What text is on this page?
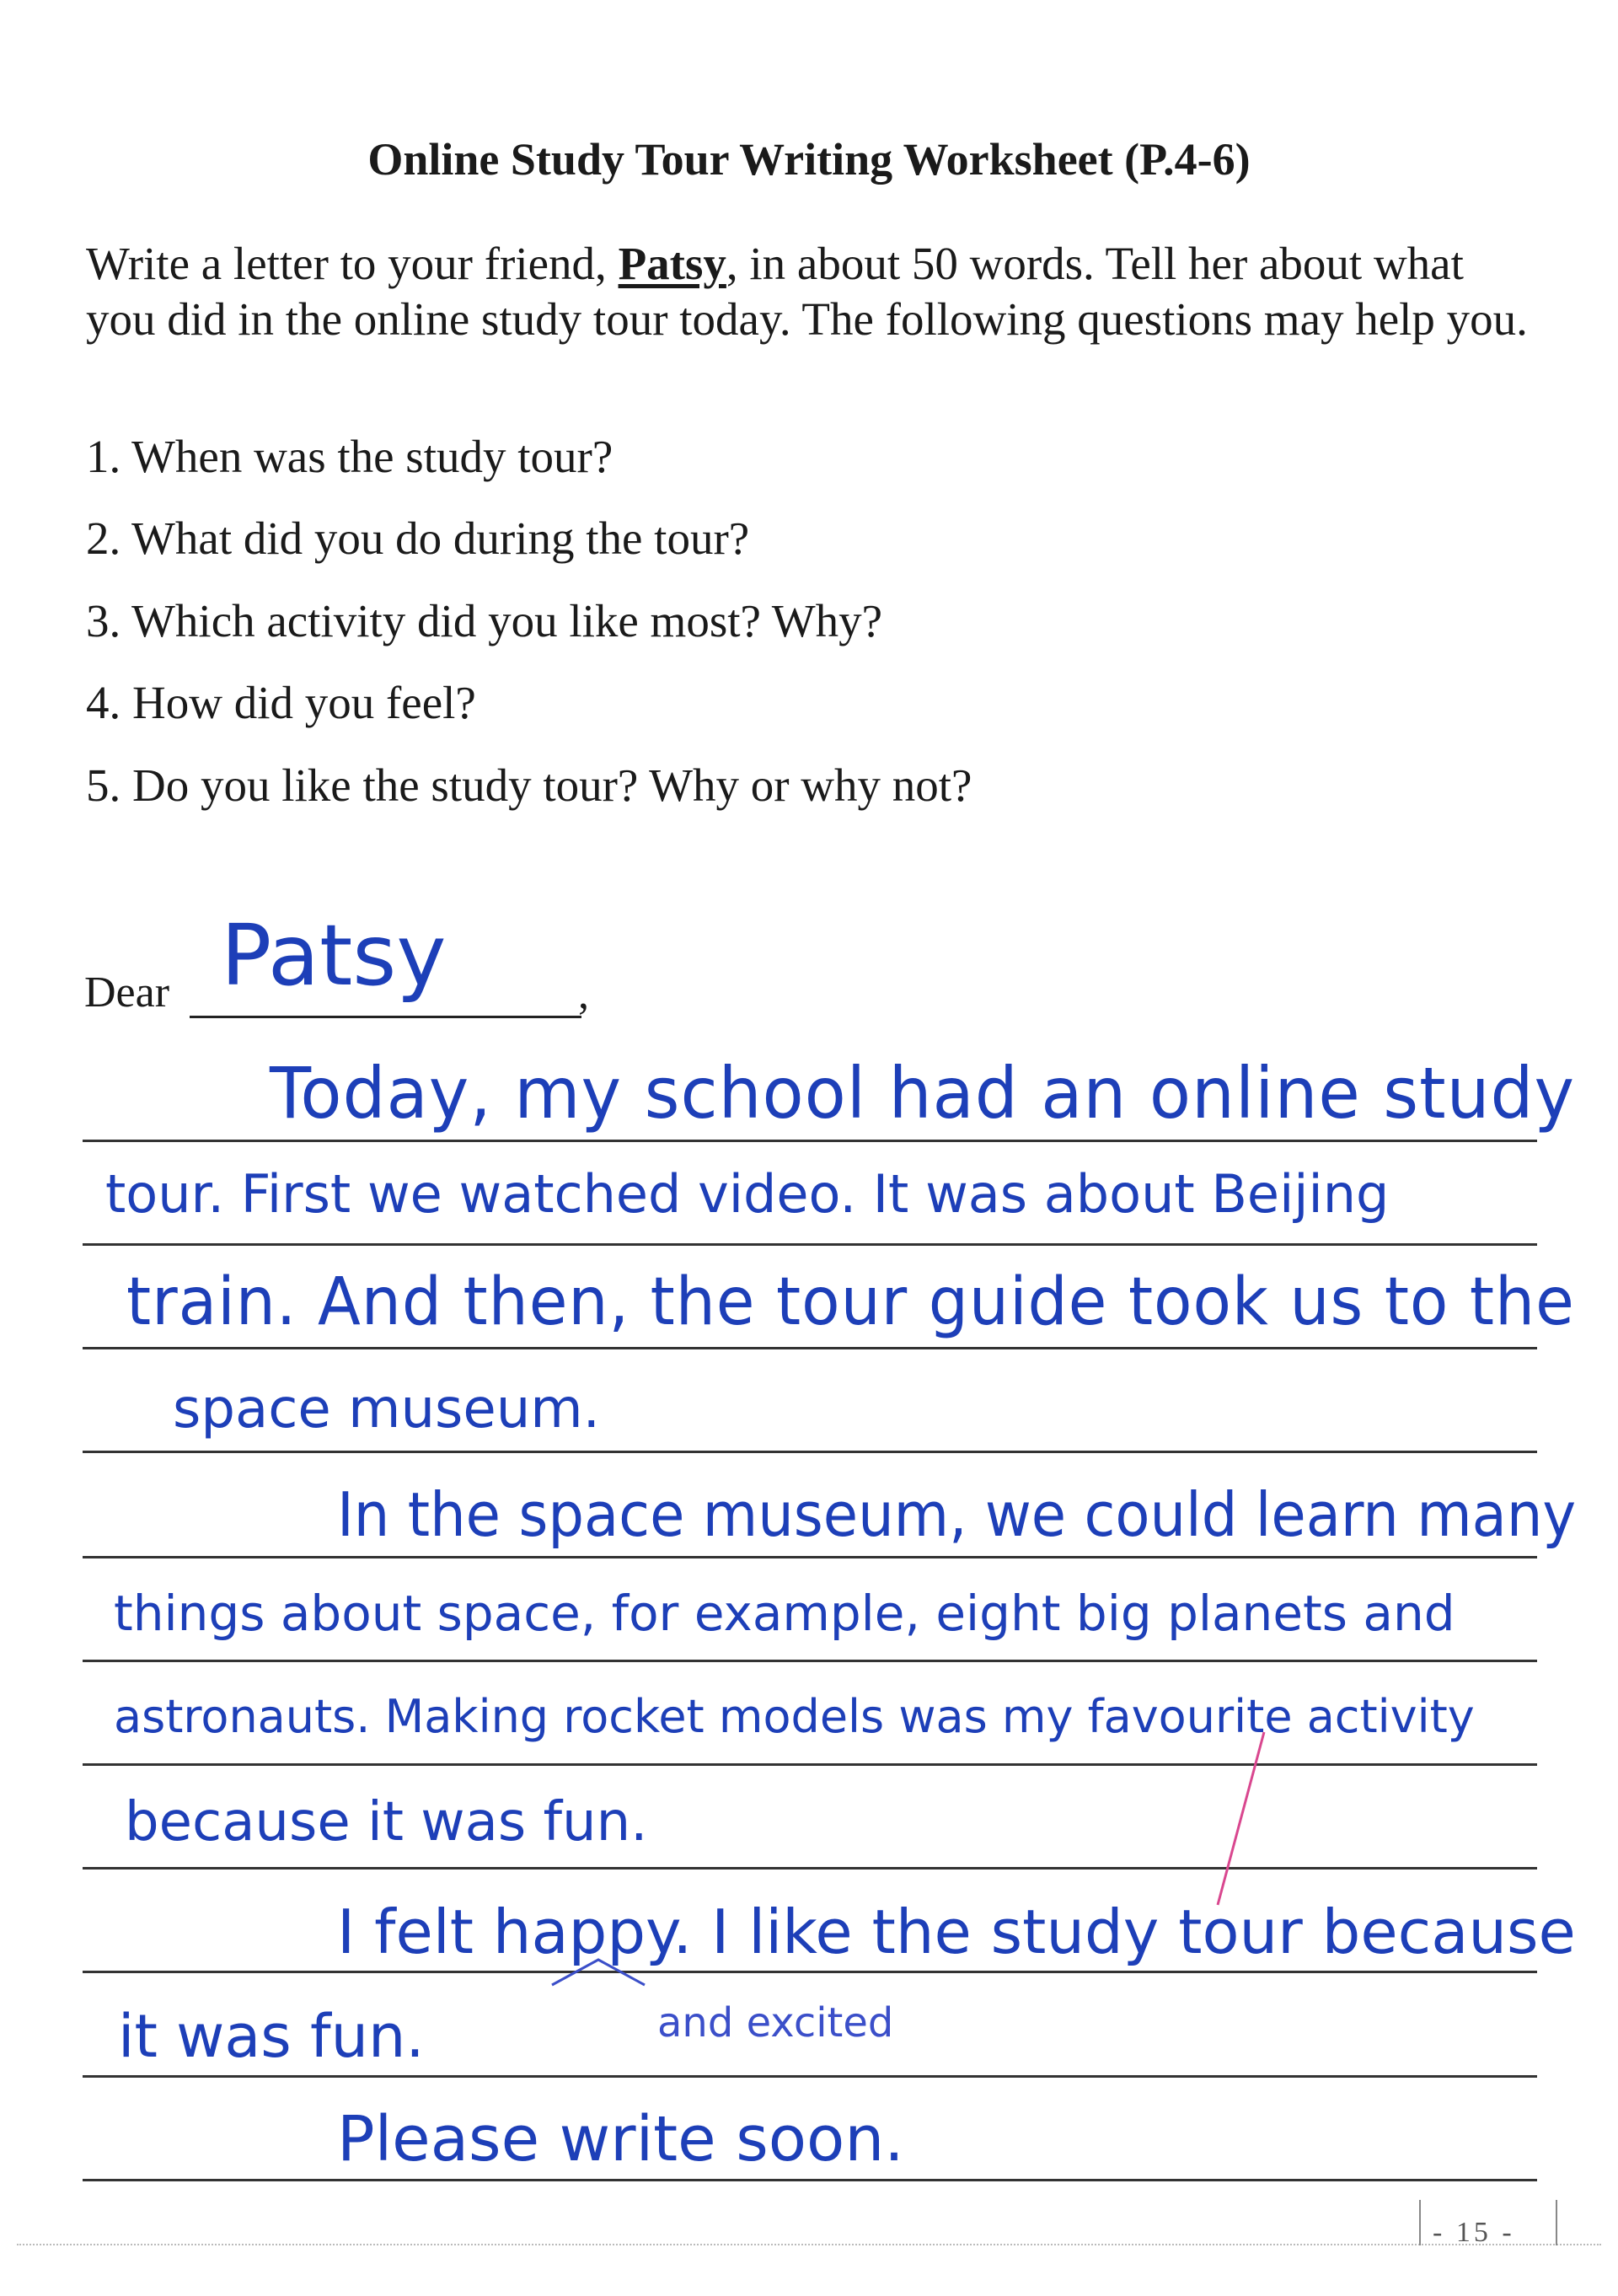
Online Study Tour Writing Worksheet (P.4-6)
Write a letter to your friend, Patsy, in about 50 words. Tell her about what you did in the online study tour today. The following questions may help you.
1. When was the study tour?
2. What did you do during the tour?
3. Which activity did you like most? Why?
4. How did you feel?
5. Do you like the study tour? Why or why not?
Dear	,
Patsy
Today, my school had an online study
tour. First we watched video. It was about Beijing
train. And then, the tour guide took us to the
space museum.
In the space museum, we could learn many
things about space, for example, eight big planets and
astronauts. Making rocket models was my favourite activity
because it was fun.
I felt happy. I like the study tour because
it was fun.
Please write soon.
and excited
- 15 -
